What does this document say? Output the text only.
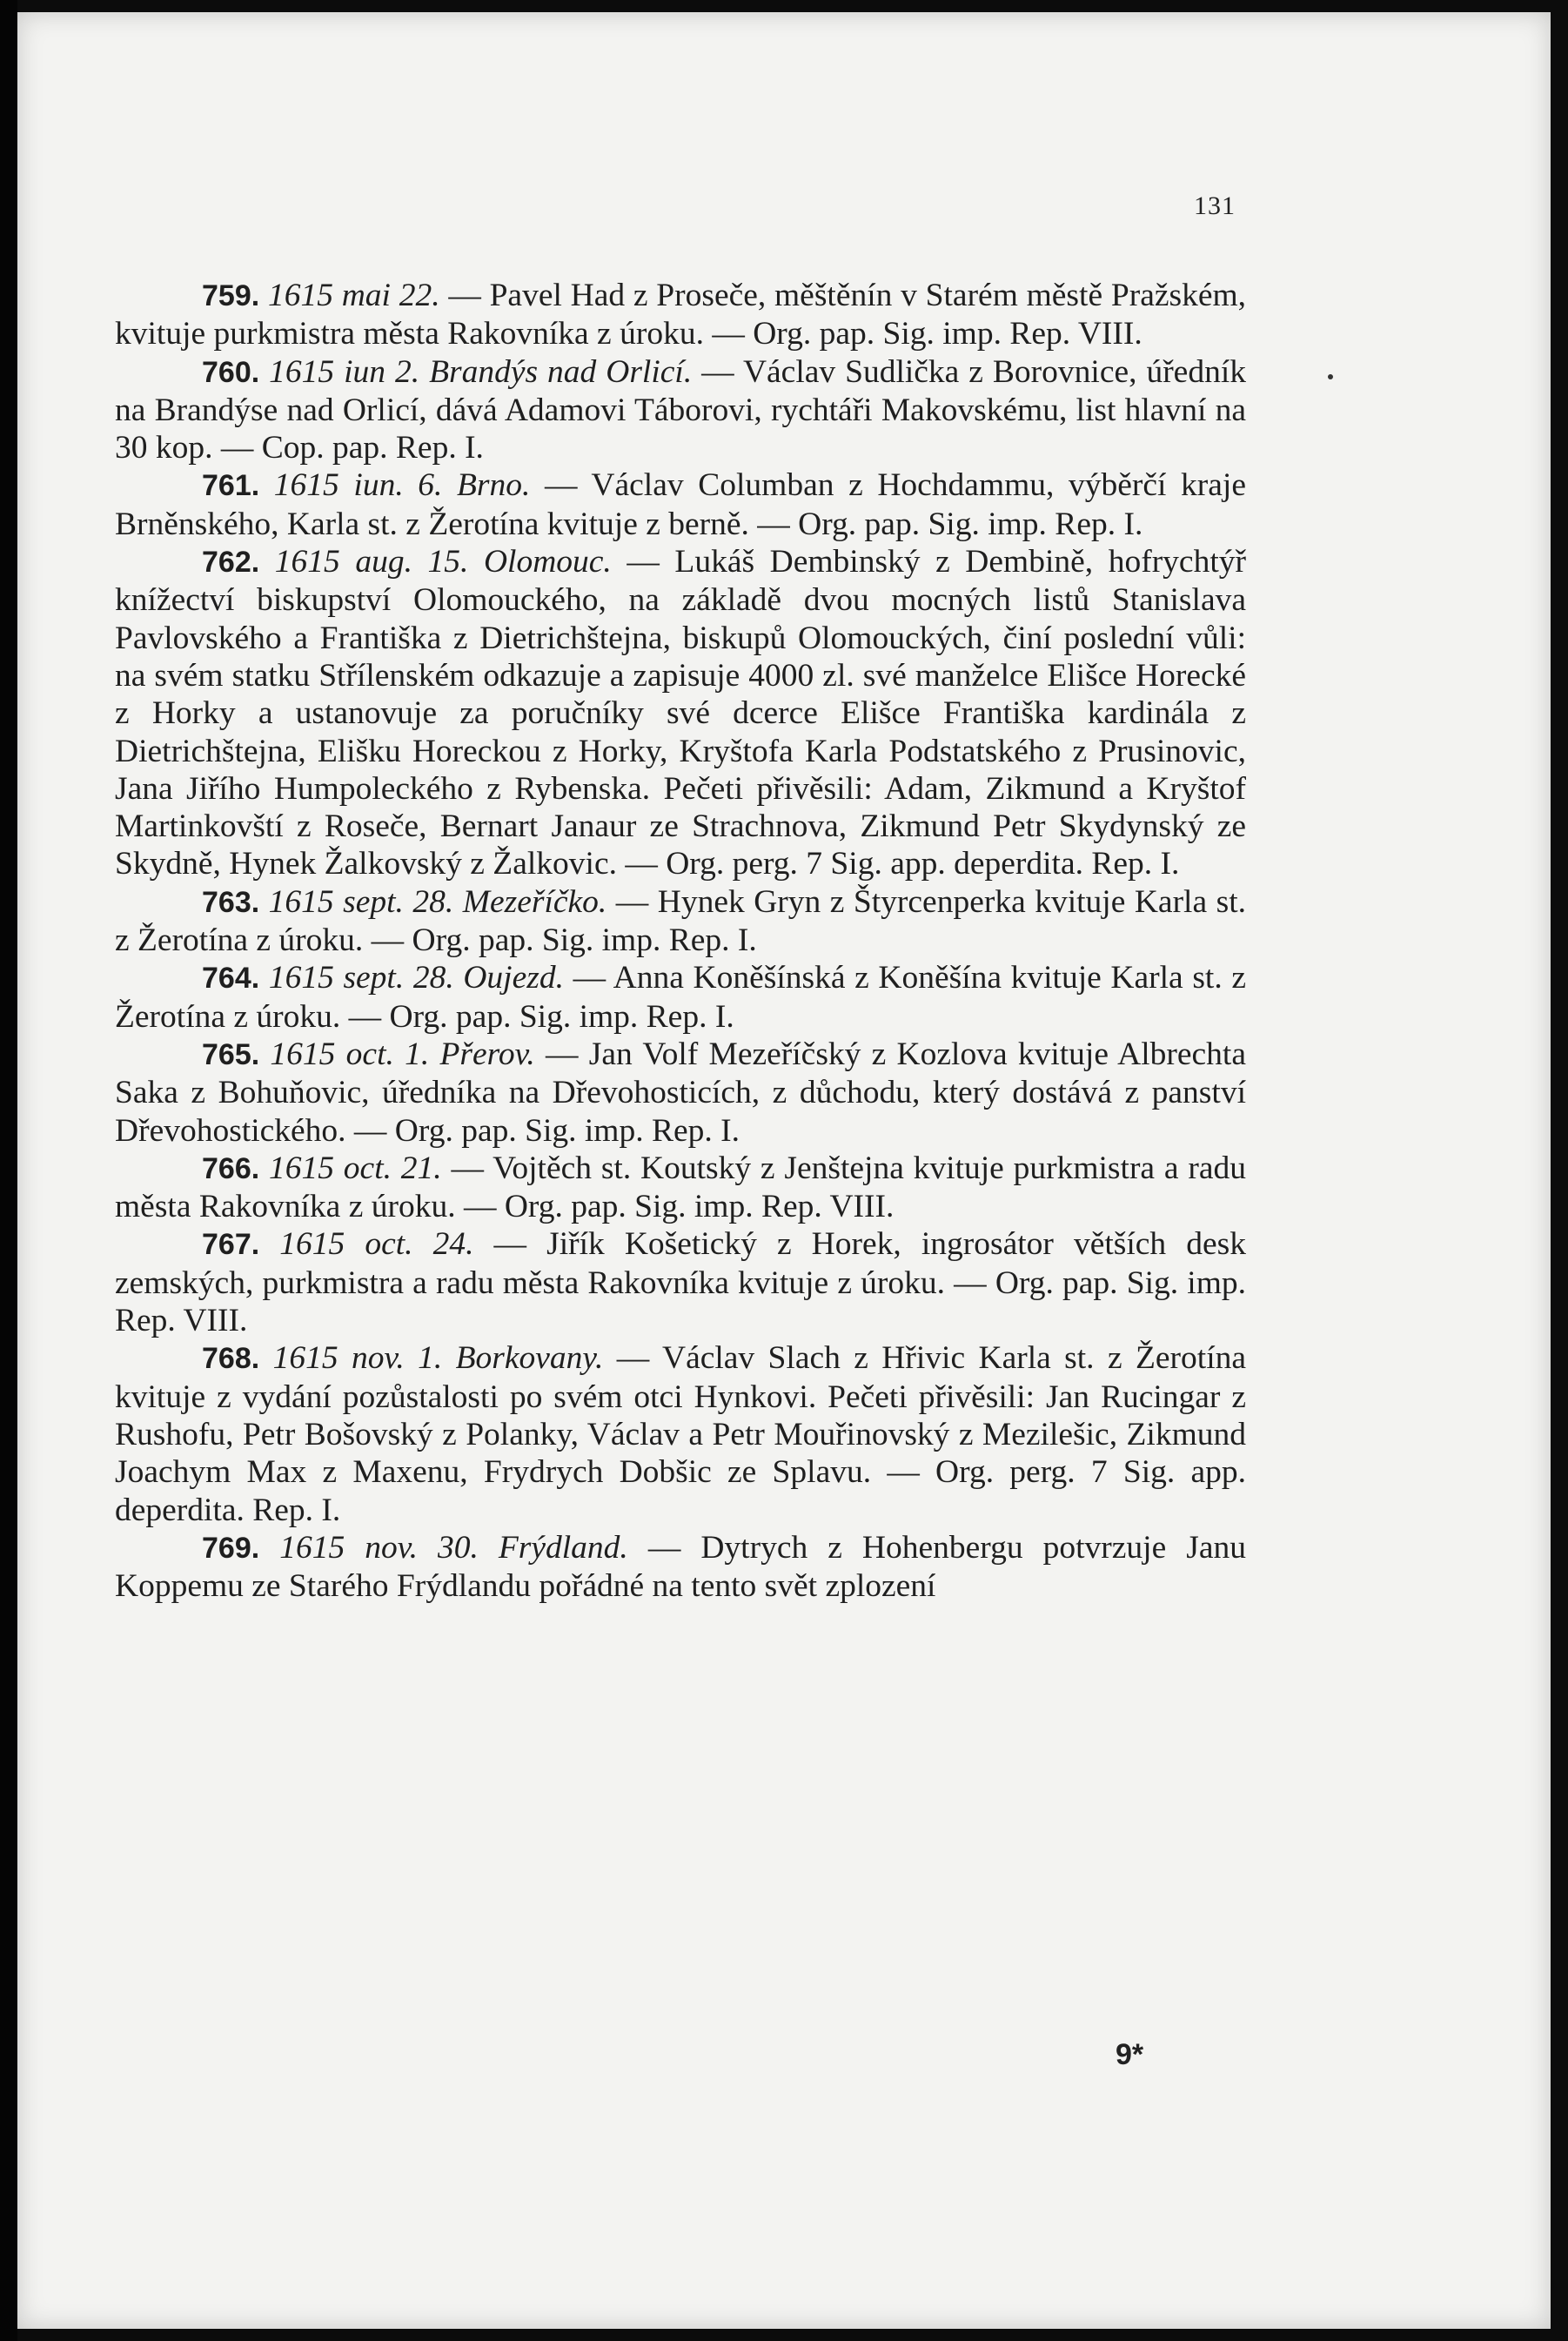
131

759. 1615 mai 22. — Pavel Had z Proseče, měštěnín v Starém městě Pražském, kvituje purkmistra města Rakovníka z úroku. — Org. pap. Sig. imp. Rep. VIII.

760. 1615 iun 2. Brandýs nad Orlicí. — Václav Sudlička z Borovnice, úředník na Brandýse nad Orlicí, dává Adamovi Táborovi, rychtáři Makovskému, list hlavní na 30 kop. — Cop. pap. Rep. I.

761. 1615 iun. 6. Brno. — Václav Columban z Hochdammu, výběrčí kraje Brněnského, Karla st. z Žerotína kvituje z berně. — Org. pap. Sig. imp. Rep. I.

762. 1615 aug. 15. Olomouc. — Lukáš Dembinský z Dembině, hofrychtýř knížectví biskupství Olomouckého, na základě dvou mocných listů Stanislava Pavlovského a Františka z Dietrichštejna, biskupů Olomouckých, činí poslední vůli: na svém statku Střílenském odkazuje a zapisuje 4000 zl. své manželce Elišce Horecké z Horky a ustanovuje za poručníky své dcerce Elišce Františka kardinála z Dietrichštejna, Elišku Horeckou z Horky, Kryštofa Karla Podstatského z Prusinovic, Jana Jiřího Humpoleckého z Rybenska. Pečeti přivěsili: Adam, Zikmund a Kryštof Martinkovští z Roseče, Bernart Janaur ze Strachnova, Zikmund Petr Skydynský ze Skydně, Hynek Žalkovský z Žalkovic. — Org. perg. 7 Sig. app. deperdita. Rep. I.

763. 1615 sept. 28. Mezeříčko. — Hynek Gryn z Štyrcenperka kvituje Karla st. z Žerotína z úroku. — Org. pap. Sig. imp. Rep. I.

764. 1615 sept. 28. Oujezd. — Anna Koněšínská z Koněšína kvituje Karla st. z Žerotína z úroku. — Org. pap. Sig. imp. Rep. I.

765. 1615 oct. 1. Přerov. — Jan Volf Mezeříčský z Kozlova kvituje Albrechta Saka z Bohuňovic, úředníka na Dřevohosticích, z důchodu, který dostává z panství Dřevohostického. — Org. pap. Sig. imp. Rep. I.

766. 1615 oct. 21. — Vojtěch st. Koutský z Jenštejna kvituje purkmistra a radu města Rakovníka z úroku. — Org. pap. Sig. imp. Rep. VIII.

767. 1615 oct. 24. — Jiřík Košetický z Horek, ingrosátor větších desk zemských, purkmistra a radu města Rakovníka kvituje z úroku. — Org. pap. Sig. imp. Rep. VIII.

768. 1615 nov. 1. Borkovany. — Václav Slach z Hřivic Karla st. z Žerotína kvituje z vydání pozůstalosti po svém otci Hynkovi. Pečeti přivěsili: Jan Rucingar z Rushofu, Petr Bošovský z Polanky, Václav a Petr Mouřinovský z Mezilešic, Zikmund Joachym Max z Maxenu, Frydrych Dobšic ze Splavu. — Org. perg. 7 Sig. app. deperdita. Rep. I.

769. 1615 nov. 30. Frýdland. — Dytrych z Hohenbergu potvrzuje Janu Koppemu ze Starého Frýdlandu pořádné na tento svět zplození

9*
